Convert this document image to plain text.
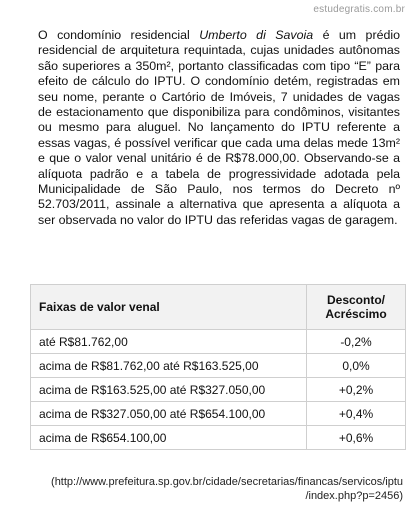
estudegratis.com.br
O condomínio residencial Umberto di Savoia é um prédio residencial de arquitetura requintada, cujas unidades autônomas são superiores a 350m², portanto classificadas com tipo “E” para efeito de cálculo do IPTU. O condomínio detém, registradas em seu nome, perante o Cartório de Imóveis, 7 unidades de vagas de estacionamento que disponibiliza para condôminos, visitantes ou mesmo para aluguel. No lançamento do IPTU referente a essas vagas, é possível verificar que cada uma delas mede 13m² e que o valor venal unitário é de R$78.000,00. Observando-se a alíquota padrão e a tabela de progressividade adotada pela Municipalidade de São Paulo, nos termos do Decreto nº 52.703/2011, assinale a alternativa que apresenta a alíquota a ser observada no valor do IPTU das referidas vagas de garagem.
Faixas de valor venal	Desconto/ Acréscimo
até R$81.762,00	-0,2%
acima de R$81.762,00 até R$163.525,00	0,0%
acima de R$163.525,00 até R$327.050,00	+0,2%
acima de R$327.050,00 até R$654.100,00	+0,4%
acima de R$654.100,00	+0,6%
(http://www.prefeitura.sp.gov.br/cidade/secretarias/financas/servicos/iptu /index.php?p=2456)
